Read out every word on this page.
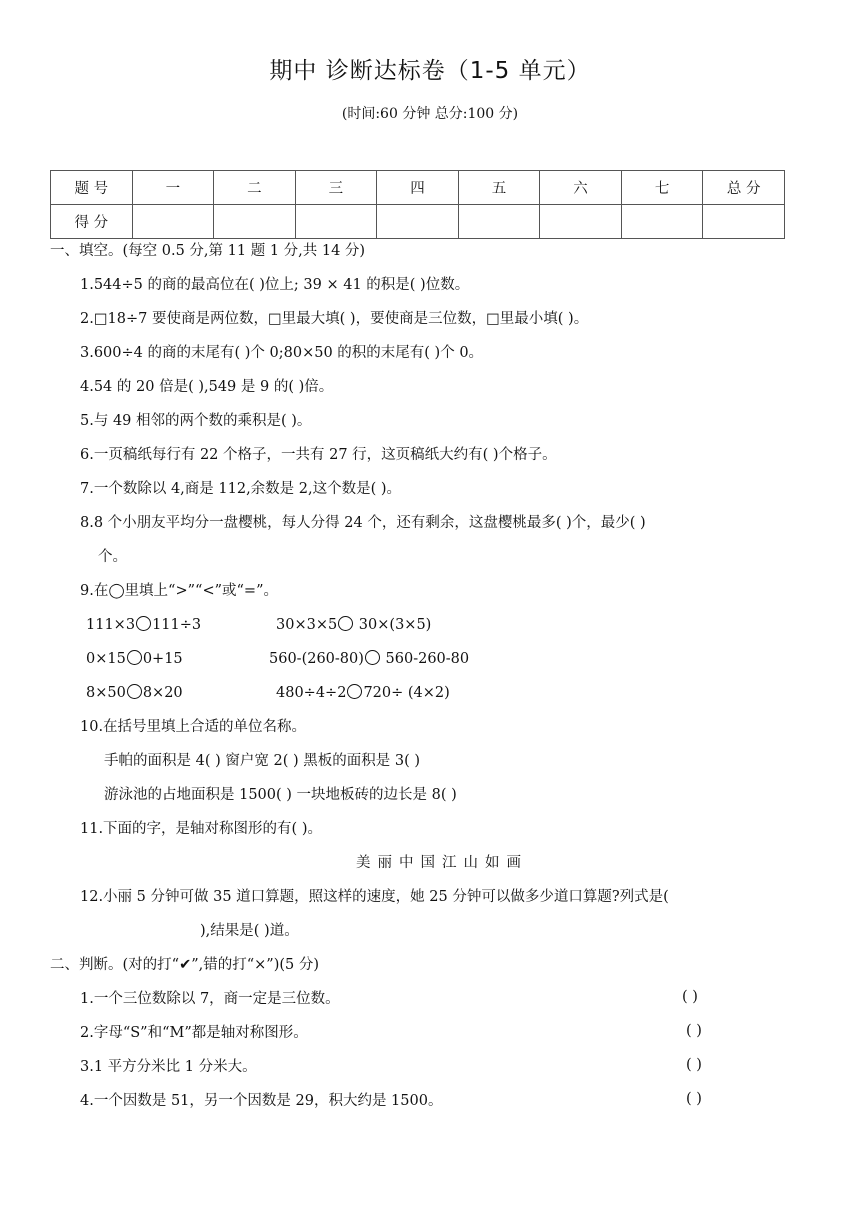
期中 诊断达标卷（1-5 单元）
(时间:60 分钟 总分:100 分)
题 号	一	二	三	四	五	六	七	总 分
得 分								
一、填空。(每空 0.5 分,第 11 题 1 分,共 14 分)
1.544÷5 的商的最高位在( )位上; 39 × 41 的积是( )位数。
2.□18÷7 要使商是两位数，□里最大填( )，要使商是三位数，□里最小填( )。
3.600÷4 的商的末尾有( )个 0;80×50 的积的末尾有( )个 0。
4.54 的 20 倍是( ),549 是 9 的( )倍。
5.与 49 相邻的两个数的乘积是( )。
6.一页稿纸每行有 22 个格子，一共有 27 行，这页稿纸大约有( )个格子。
7.一个数除以 4,商是 112,余数是 2,这个数是( )。
8.8 个小朋友平均分一盘樱桃，每人分得 24 个，还有剩余，这盘樱桃最多( )个，最少( )
个。
9.在◯里填上“>”“<”或“=”。
111×3 111÷3	30×3×5 30×(3×5)
0×15 0+15	560-(260-80) 560-260-80
8×50 8×20	480÷4÷2 720÷ (4×2)
10.在括号里填上合适的单位名称。
手帕的面积是 4( ) 窗户宽 2( ) 黑板的面积是 3( )
游泳池的占地面积是 1500( ) 一块地板砖的边长是 8( )
11.下面的字，是轴对称图形的有( )。
美丽中国江山如画
12.小丽 5 分钟可做 35 道口算题，照这样的速度，她 25 分钟可以做多少道口算题?列式是(
),结果是( )道。
二、判断。(对的打“✔”,错的打“×”)(5 分)
1.一个三位数除以 7，商一定是三位数。	( )
2.字母“S”和“M”都是轴对称图形。	( )
3.1 平方分米比 1 分米大。	( )
4.一个因数是 51，另一个因数是 29，积大约是 1500。	( )
